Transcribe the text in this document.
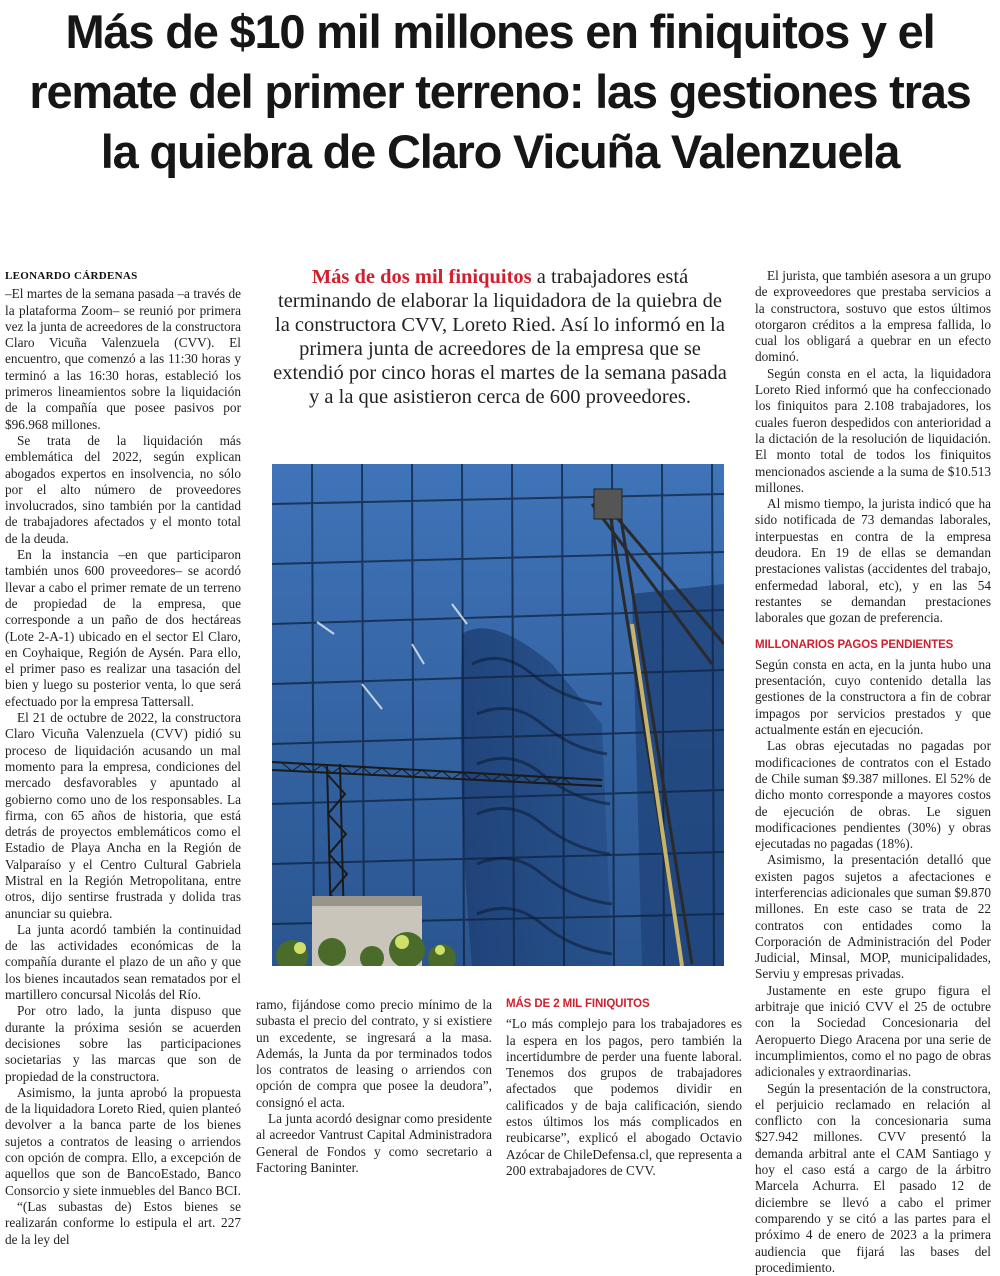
Más de $10 mil millones en finiquitos y el remate del primer terreno: las gestiones tras la quiebra de Claro Vicuña Valenzuela
LEONARDO CÁRDENAS

–El martes de la semana pasada –a través de la plataforma Zoom– se reunió por primera vez la junta de acreedores de la constructora Claro Vicuña Valenzuela (CVV). El encuentro, que comenzó a las 11:30 horas y terminó a las 16:30 horas, estableció los primeros lineamientos sobre la liquidación de la compañía que posee pasivos por $96.968 millones.

Se trata de la liquidación más emblemática del 2022, según explican abogados expertos en insolvencia, no sólo por el alto número de proveedores involucrados, sino también por la cantidad de trabajadores afectados y el monto total de la deuda.

En la instancia –en que participaron también unos 600 proveedores– se acordó llevar a cabo el primer remate de un terreno de propiedad de la empresa, que corresponde a un paño de dos hectáreas (Lote 2-A-1) ubicado en el sector El Claro, en Coyhaique, Región de Aysén. Para ello, el primer paso es realizar una tasación del bien y luego su posterior venta, lo que será efectuado por la empresa Tattersall.

El 21 de octubre de 2022, la constructora Claro Vicuña Valenzuela (CVV) pidió su proceso de liquidación acusando un mal momento para la empresa, condiciones del mercado desfavorables y apuntado al gobierno como uno de los responsables. La firma, con 65 años de historia, que está detrás de proyectos emblemáticos como el Estadio de Playa Ancha en la Región de Valparaíso y el Centro Cultural Gabriela Mistral en la Región Metropolitana, entre otros, dijo sentirse frustrada y dolida tras anunciar su quiebra.

La junta acordó también la continuidad de las actividades económicas de la compañía durante el plazo de un año y que los bienes incautados sean rematados por el martillero concursal Nicolás del Río.

Por otro lado, la junta dispuso que durante la próxima sesión se acuerden decisiones sobre las participaciones societarias y las marcas que son de propiedad de la constructora.

Asimismo, la junta aprobó la propuesta de la liquidadora Loreto Ried, quien planteó devolver a la banca parte de los bienes sujetos a contratos de leasing o arriendos con opción de compra. Ello, a excepción de aquellos que son de BancoEstado, Banco Consorcio y siete inmuebles del Banco BCI.

“(Las subastas de) Estos bienes se realizarán conforme lo estipula el art. 227 de la ley del

Más de dos mil finiquitos a trabajadores está terminando de elaborar la liquidadora de la quiebra de la constructora CVV, Loreto Ried. Así lo informó en la primera junta de acreedores de la empresa que se extendió por cinco horas el martes de la semana pasada y a la que asistieron cerca de 600 proveedores.

ramo, fijándose como precio mínimo de la subasta el precio del contrato, y si existiere un excedente, se ingresará a la masa. Además, la Junta da por terminados todos los contratos de leasing o arriendos con opción de compra que posee la deudora”, consignó el acta.

La junta acordó designar como presidente al acreedor Vantrust Capital Administradora General de Fondos y como secretario a Factoring Baninter.

MÁS DE 2 MIL FINIQUITOS

“Lo más complejo para los trabajadores es la espera en los pagos, pero también la incertidumbre de perder una fuente laboral. Tenemos dos grupos de trabajadores afectados que podemos dividir en calificados y de baja calificación, siendo estos últimos los más complicados en reubicarse”, explicó el abogado Octavio Azócar de ChileDefensa.cl, que representa a 200 extrabajadores de CVV.

El jurista, que también asesora a un grupo de exproveedores que prestaba servicios a la constructora, sostuvo que estos últimos otorgaron créditos a la empresa fallida, lo cual los obligará a quebrar en un efecto dominó.

Según consta en el acta, la liquidadora Loreto Ried informó que ha confeccionado los finiquitos para 2.108 trabajadores, los cuales fueron despedidos con anterioridad a la dictación de la resolución de liquidación. El monto total de todos los finiquitos mencionados asciende a la suma de $10.513 millones.

Al mismo tiempo, la jurista indicó que ha sido notificada de 73 demandas laborales, interpuestas en contra de la empresa deudora. En 19 de ellas se demandan prestaciones valistas (accidentes del trabajo, enfermedad laboral, etc), y en las 54 restantes se demandan prestaciones laborales que gozan de preferencia.

MILLONARIOS PAGOS PENDIENTES

Según consta en acta, en la junta hubo una presentación, cuyo contenido detalla las gestiones de la constructora a fin de cobrar impagos por servicios prestados y que actualmente están en ejecución.

Las obras ejecutadas no pagadas por modificaciones de contratos con el Estado de Chile suman $9.387 millones. El 52% de dicho monto corresponde a mayores costos de ejecución de obras. Le siguen modificaciones pendientes (30%) y obras ejecutadas no pagadas (18%).

Asimismo, la presentación detalló que existen pagos sujetos a afectaciones e interferencias adicionales que suman $9.870 millones. En este caso se trata de 22 contratos con entidades como la Corporación de Administración del Poder Judicial, Minsal, MOP, municipalidades, Serviu y empresas privadas.

Justamente en este grupo figura el arbitraje que inició CVV el 25 de octubre con la Sociedad Concesionaria del Aeropuerto Diego Aracena por una serie de incumplimientos, como el no pago de obras adicionales y extraordinarias.

Según la presentación de la constructora, el perjuicio reclamado en relación al conflicto con la concesionaria suma $27.942 millones. CVV presentó la demanda arbitral ante el CAM Santiago y hoy el caso está a cargo de la árbitro Marcela Achurra. El pasado 12 de diciembre se llevó a cabo el primer comparendo y se citó a las partes para el próximo 4 de enero de 2023 a la primera audiencia que fijará las bases del procedimiento.
